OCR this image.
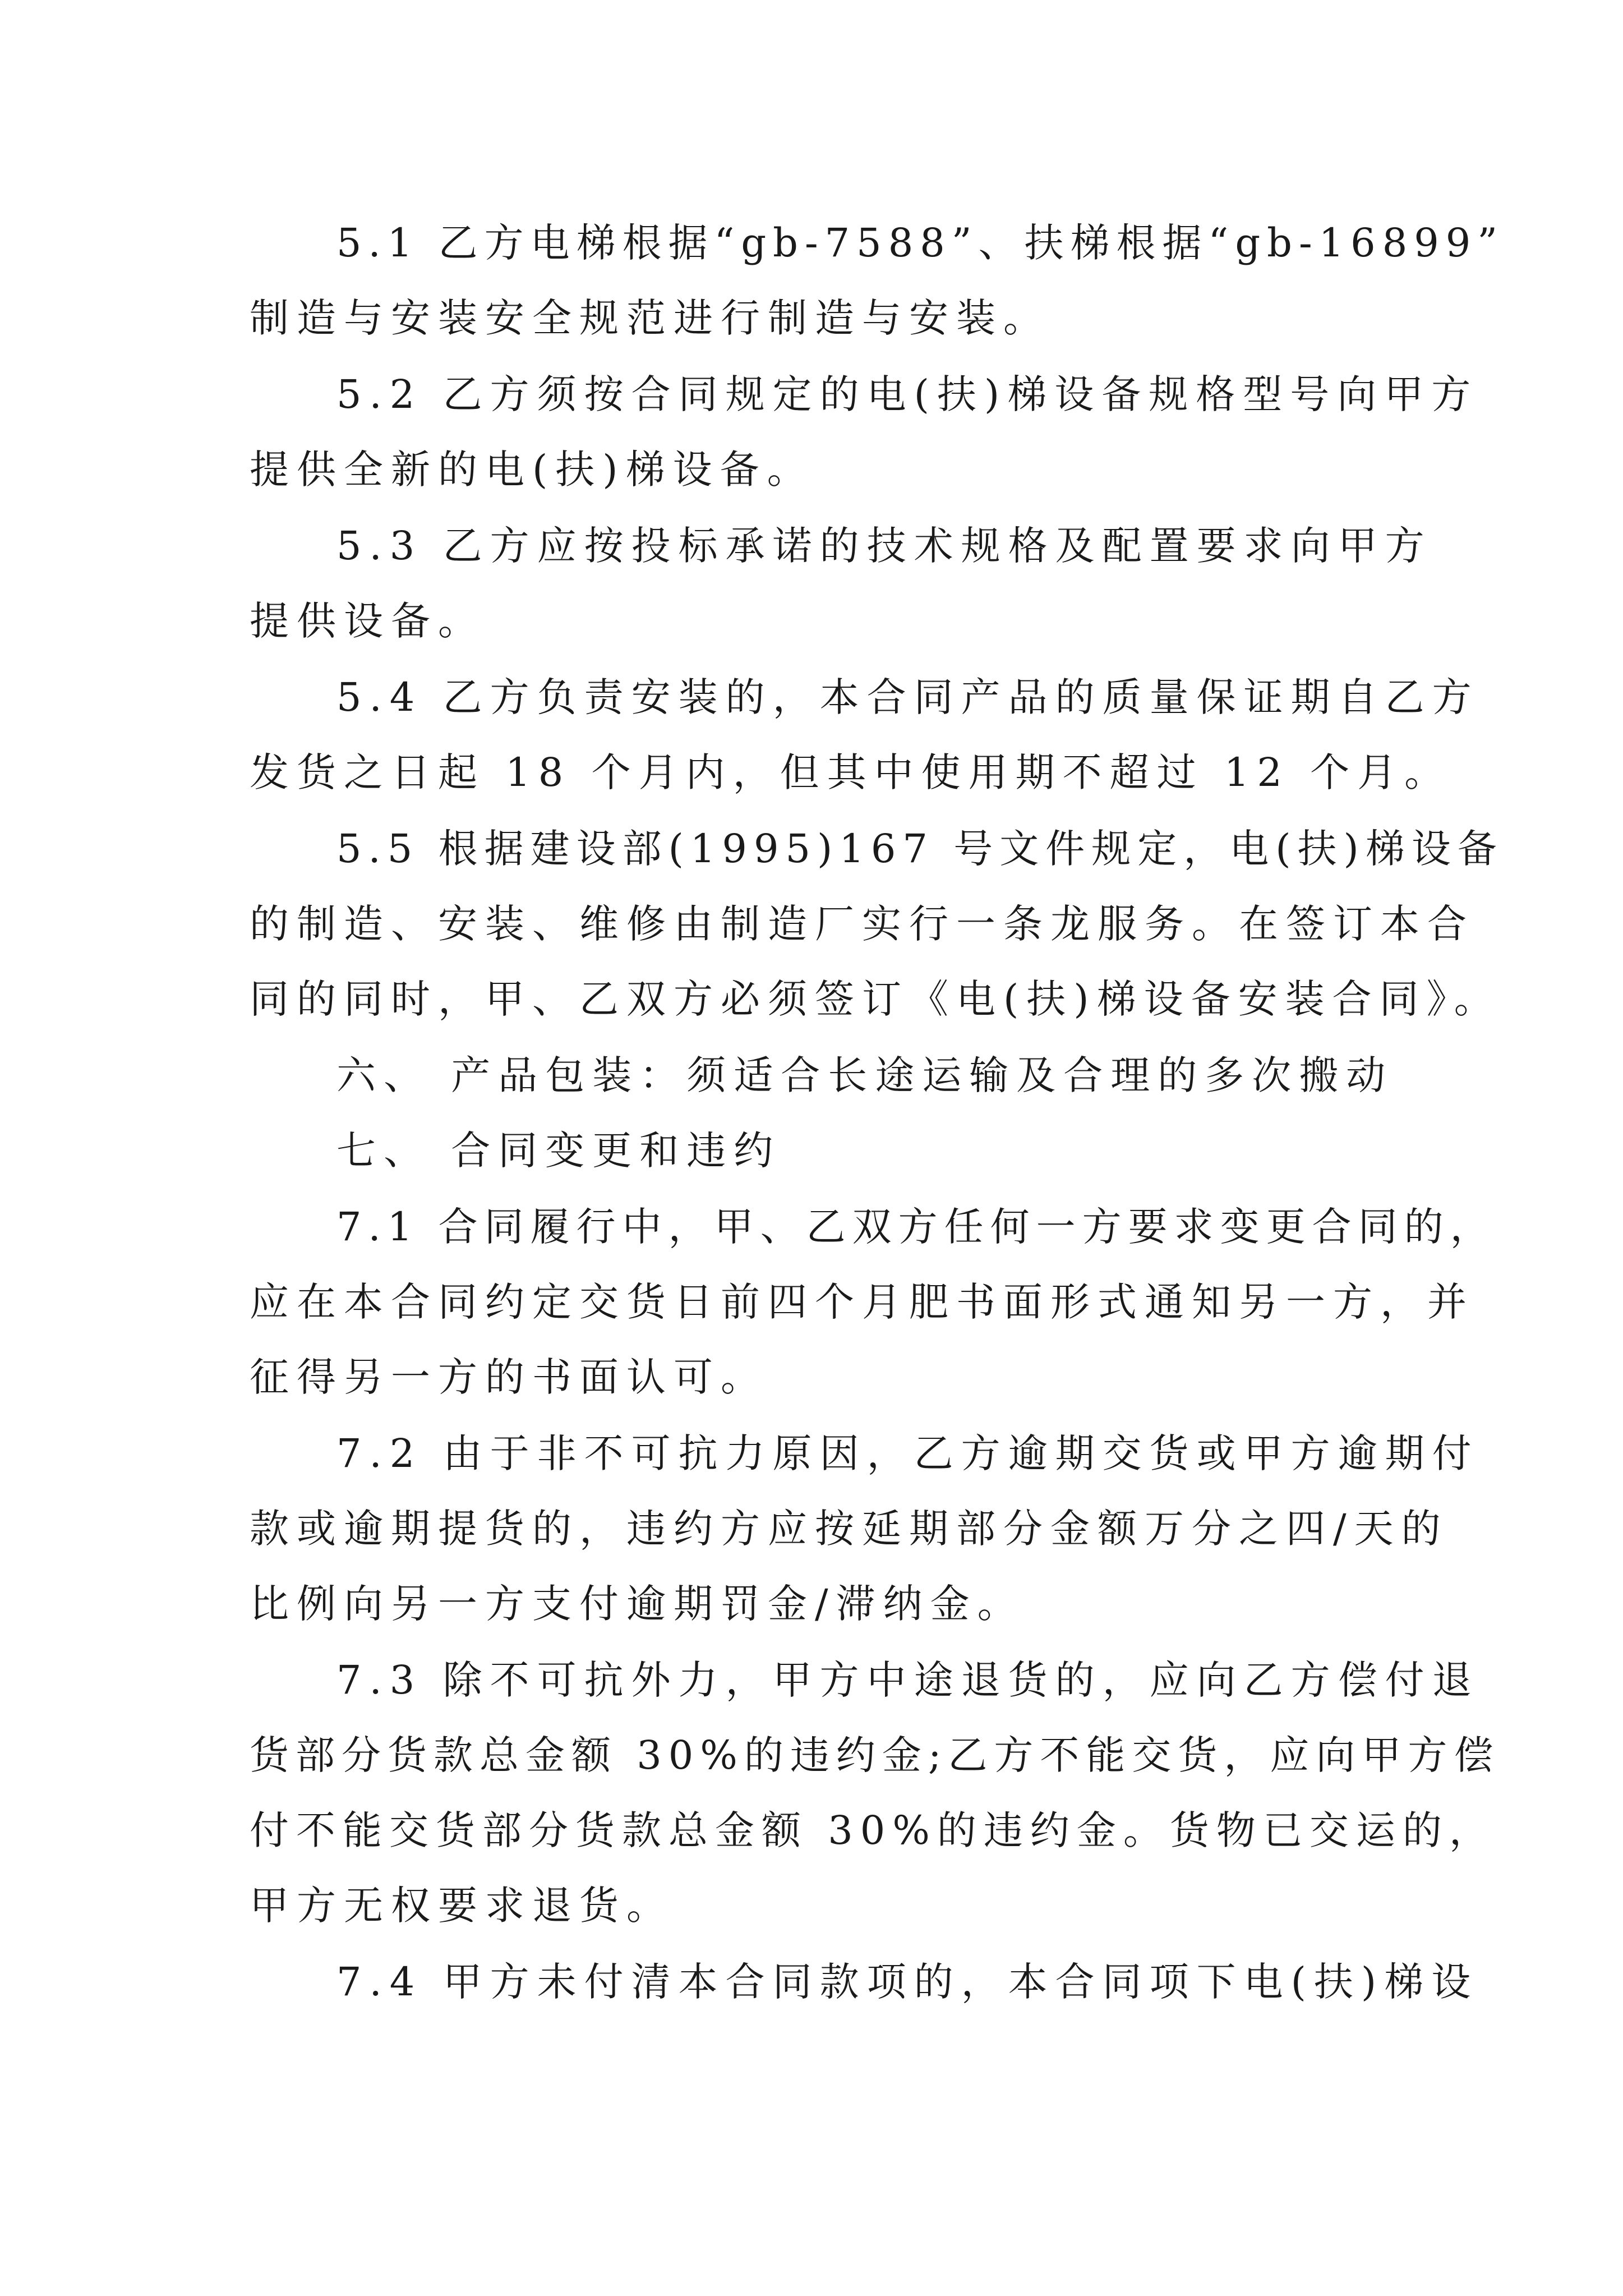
5.1 乙方电梯根据“gb-7588”、扶梯根据“gb-16899”
制造与安装安全规范进行制造与安装。
5.2 乙方须按合同规定的电(扶)梯设备规格型号向甲方
提供全新的电(扶)梯设备。
5.3 乙方应按投标承诺的技术规格及配置要求向甲方
提供设备。
5.4 乙方负责安装的，本合同产品的质量保证期自乙方
发货之日起 18 个月内，但其中使用期不超过 12 个月。
5.5 根据建设部(1995)167 号文件规定，电(扶)梯设备
的制造、安装、维修由制造厂实行一条龙服务。在签订本合
同的同时，甲、乙双方必须签订《电(扶)梯设备安装合同》。
六、 产品包装：须适合长途运输及合理的多次搬动
七、 合同变更和违约
7.1 合同履行中，甲、乙双方任何一方要求变更合同的，
应在本合同约定交货日前四个月肥书面形式通知另一方，并
征得另一方的书面认可。
7.2 由于非不可抗力原因，乙方逾期交货或甲方逾期付
款或逾期提货的，违约方应按延期部分金额万分之四/天的
比例向另一方支付逾期罚金/滞纳金。
7.3 除不可抗外力，甲方中途退货的，应向乙方偿付退
货部分货款总金额 30%的违约金;乙方不能交货，应向甲方偿
付不能交货部分货款总金额 30%的违约金。货物已交运的，
甲方无权要求退货。
7.4 甲方未付清本合同款项的，本合同项下电(扶)梯设
